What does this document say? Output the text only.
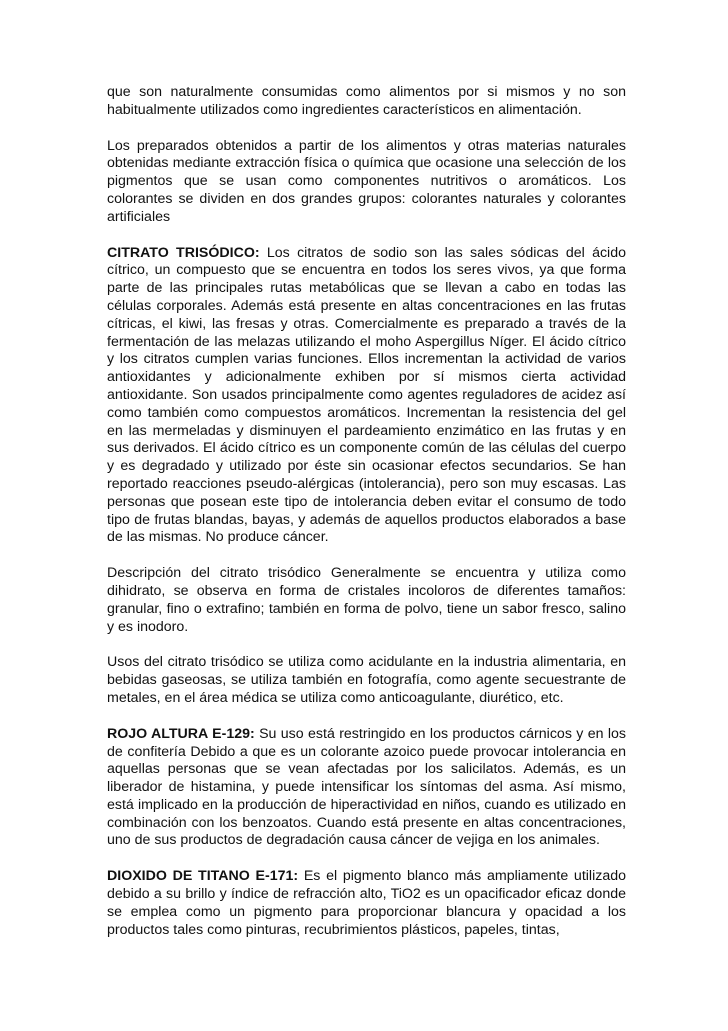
que son naturalmente consumidas como alimentos por si mismos y no son habitualmente utilizados como ingredientes característicos en alimentación.

Los preparados obtenidos a partir de los alimentos y otras materias naturales obtenidas mediante extracción física o química que ocasione una selección de los pigmentos que se usan como componentes nutritivos o aromáticos. Los colorantes se dividen en dos grandes grupos: colorantes naturales y colorantes artificiales

CITRATO TRISÓDICO: Los citratos de sodio son las sales sódicas del ácido cítrico, un compuesto que se encuentra en todos los seres vivos, ya que forma parte de las principales rutas metabólicas que se llevan a cabo en todas las células corporales. Además está presente en altas concentraciones en las frutas cítricas, el kiwi, las fresas y otras. Comercialmente es preparado a través de la fermentación de las melazas utilizando el moho Aspergillus Níger. El ácido cítrico y los citratos cumplen varias funciones. Ellos incrementan la actividad de varios antioxidantes y adicionalmente exhiben por sí mismos cierta actividad antioxidante. Son usados principalmente como agentes reguladores de acidez así como también como compuestos aromáticos. Incrementan la resistencia del gel en las mermeladas y disminuyen el pardeamiento enzimático en las frutas y en sus derivados. El ácido cítrico es un componente común de las células del cuerpo y es degradado y utilizado por éste sin ocasionar efectos secundarios. Se han reportado reacciones pseudo-alérgicas (intolerancia), pero son muy escasas. Las personas que posean este tipo de intolerancia deben evitar el consumo de todo tipo de frutas blandas, bayas, y además de aquellos productos elaborados a base de las mismas. No produce cáncer.

Descripción del citrato trisódico Generalmente se encuentra y utiliza como dihidrato, se observa en forma de cristales incoloros de diferentes tamaños: granular, fino o extrafino; también en forma de polvo, tiene un sabor fresco, salino y es inodoro.

Usos del citrato trisódico se utiliza como acidulante en la industria alimentaria, en bebidas gaseosas, se utiliza también en fotografía, como agente secuestrante de metales, en el área médica se utiliza como anticoagulante, diurético, etc.

ROJO ALTURA E-129: Su uso está restringido en los productos cárnicos y en los de confitería Debido a que es un colorante azoico puede provocar intolerancia en aquellas personas que se vean afectadas por los salicilatos. Además, es un liberador de histamina, y puede intensificar los síntomas del asma. Así mismo, está implicado en la producción de hiperactividad en niños, cuando es utilizado en combinación con los benzoatos. Cuando está presente en altas concentraciones, uno de sus productos de degradación causa cáncer de vejiga en los animales.

DIOXIDO DE TITANO E-171: Es el pigmento blanco más ampliamente utilizado debido a su brillo y índice de refracción alto, TiO2 es un opacificador eficaz donde se emplea como un pigmento para proporcionar blancura y opacidad a los productos tales como pinturas, recubrimientos plásticos, papeles, tintas,
